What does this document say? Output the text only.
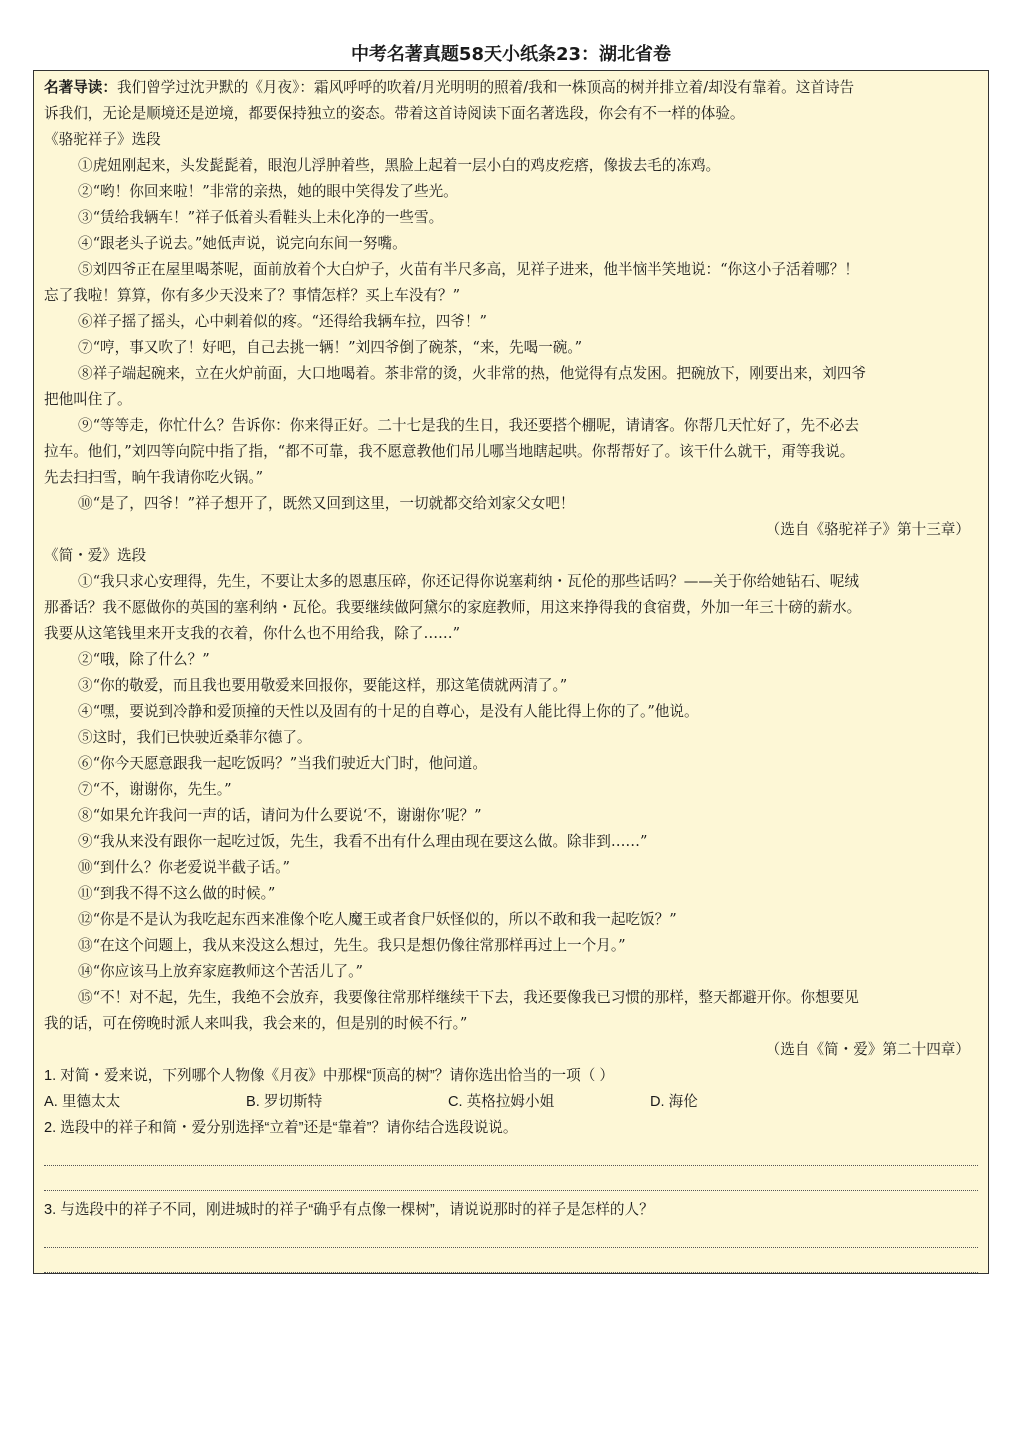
中考名著真题58天小纸条23：湖北省卷
名著导读：我们曾学过沈尹默的《月夜》：霜风呼呼的吹着/月光明明的照着/我和一株顶高的树并排立着/却没有靠着。这首诗告
诉我们，无论是顺境还是逆境，都要保持独立的姿态。带着这首诗阅读下面名著选段，你会有不一样的体验。
《骆驼祥子》选段
①虎妞刚起来，头发髭髭着，眼泡儿浮肿着些，黑脸上起着一层小白的鸡皮疙瘩，像拔去毛的冻鸡。
②“哟！你回来啦！”非常的亲热，她的眼中笑得发了些光。
③“赁给我辆车！”祥子低着头看鞋头上未化净的一些雪。
④“跟老头子说去。”她低声说，说完向东间一努嘴。
⑤刘四爷正在屋里喝茶呢，面前放着个大白炉子，火苗有半尺多高，见祥子进来，他半恼半笑地说：“你这小子活着哪？！
忘了我啦！算算，你有多少天没来了？事情怎样？买上车没有？”
⑥祥子摇了摇头，心中刺着似的疼。“还得给我辆车拉，四爷！”
⑦“哼，事又吹了！好吧，自己去挑一辆！”刘四爷倒了碗茶，“来，先喝一碗。”
⑧祥子端起碗来，立在火炉前面，大口地喝着。茶非常的烫，火非常的热，他觉得有点发困。把碗放下，刚要出来，刘四爷
把他叫住了。
⑨“等等走，你忙什么？告诉你：你来得正好。二十七是我的生日，我还要搭个棚呢，请请客。你帮几天忙好了，先不必去
拉车。他们，”刘四等向院中指了指，“都不可靠，我不愿意教他们吊儿哪当地瞎起哄。你帮帮好了。该干什么就干，甭等我说。
先去扫扫雪，晌午我请你吃火锅。”
⑩“是了，四爷！”祥子想开了，既然又回到这里，一切就都交给刘家父女吧！
（选自《骆驼祥子》第十三章）
《简・爱》选段
①“我只求心安理得，先生，不要让太多的恩惠压碎，你还记得你说塞莉纳・瓦伦的那些话吗？——关于你给她钻石、呢绒
那番话？我不愿做你的英国的塞利纳・瓦伦。我要继续做阿黛尔的家庭教师，用这来挣得我的食宿费，外加一年三十磅的薪水。
我要从这笔钱里来开支我的衣着，你什么也不用给我，除了……”
②“哦，除了什么？”
③“你的敬爱，而且我也要用敬爱来回报你，要能这样，那这笔债就两清了。”
④“嘿，要说到冷静和爱顶撞的天性以及固有的十足的自尊心，是没有人能比得上你的了。”他说。
⑤这时，我们已快驶近桑菲尔德了。
⑥“你今天愿意跟我一起吃饭吗？”当我们驶近大门时，他问道。
⑦“不，谢谢你，先生。”
⑧“如果允许我问一声的话，请问为什么要说‘不，谢谢你’呢？”
⑨“我从来没有跟你一起吃过饭，先生，我看不出有什么理由现在要这么做。除非到……”
⑩“到什么？你老爱说半截子话。”
⑪“到我不得不这么做的时候。”
⑫“你是不是认为我吃起东西来准像个吃人魔王或者食尸妖怪似的，所以不敢和我一起吃饭？”
⑬“在这个问题上，我从来没这么想过，先生。我只是想仍像往常那样再过上一个月。”
⑭“你应该马上放弃家庭教师这个苦活儿了。”
⑮“不！对不起，先生，我绝不会放弃，我要像往常那样继续干下去，我还要像我已习惯的那样，整天都避开你。你想要见
我的话，可在傍晚时派人来叫我，我会来的，但是别的时候不行。”
（选自《简・爱》第二十四章）
1. 对简・爱来说，下列哪个人物像《月夜》中那棵“顶高的树”？请你选出恰当的一项（ ）
A. 里德太太	B. 罗切斯特	C. 英格拉姆小姐	D. 海伦
2. 选段中的祥子和简・爱分别选择“立着”还是“靠着”？请你结合选段说说。
3. 与选段中的祥子不同，刚进城时的祥子“确乎有点像一棵树”，请说说那时的祥子是怎样的人？
